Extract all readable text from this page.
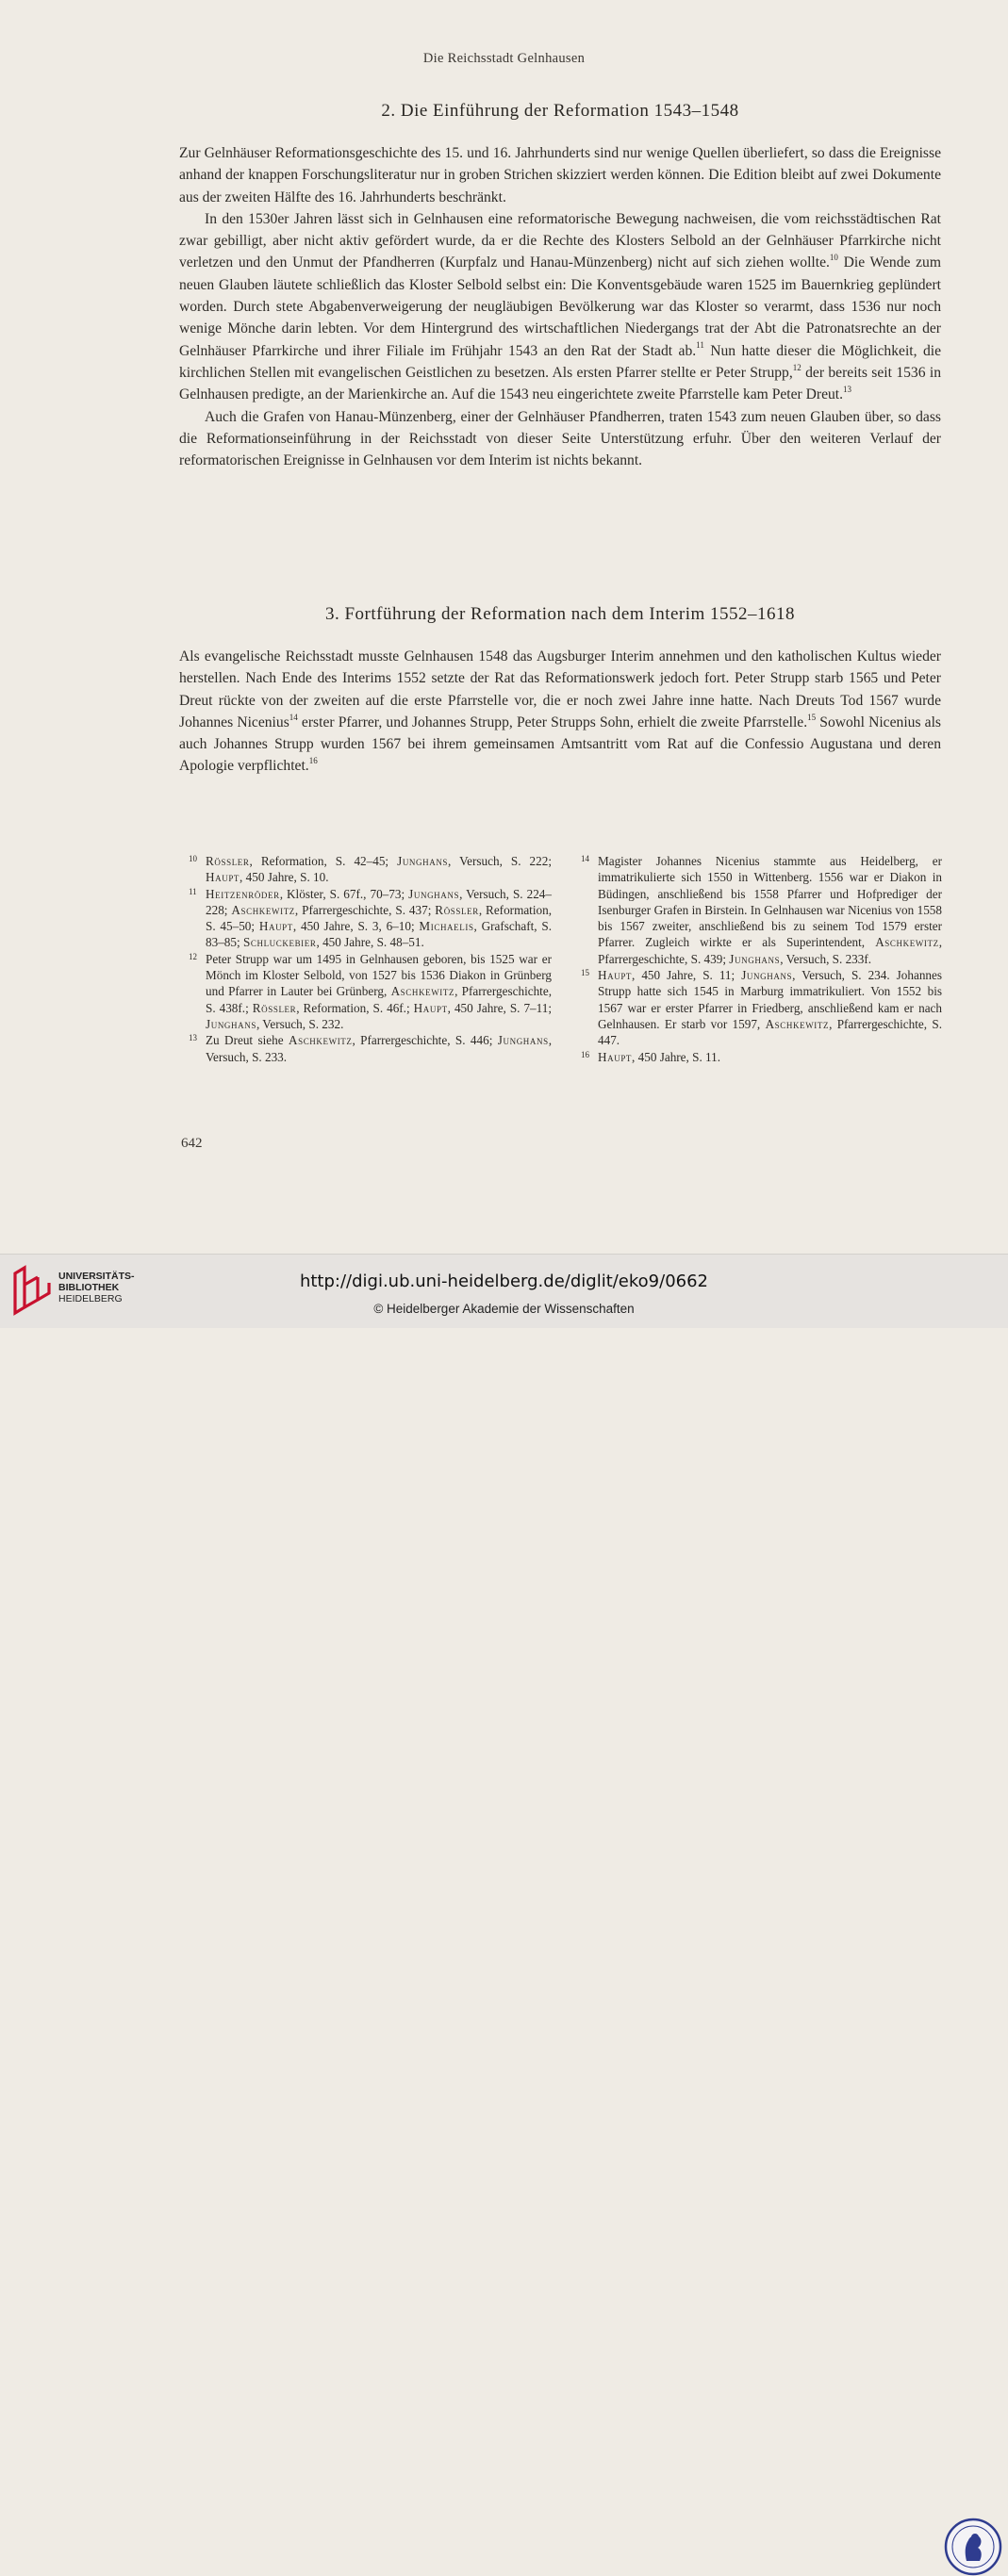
Die Reichsstadt Gelnhausen
2. Die Einführung der Reformation 1543–1548

Zur Gelnhäuser Reformationsgeschichte des 15. und 16. Jahrhunderts sind nur wenige Quellen überliefert, so dass die Ereignisse anhand der knappen Forschungsliteratur nur in groben Strichen skizziert werden können. Die Edition bleibt auf zwei Dokumente aus der zweiten Hälfte des 16. Jahrhunderts beschränkt.

In den 1530er Jahren lässt sich in Gelnhausen eine reformatorische Bewegung nachweisen, die vom reichsstädtischen Rat zwar gebilligt, aber nicht aktiv gefördert wurde, da er die Rechte des Klosters Selbold an der Gelnhäuser Pfarrkirche nicht verletzen und den Unmut der Pfandherren (Kurpfalz und Hanau-Münzenberg) nicht auf sich ziehen wollte.$^{10}$ Die Wende zum neuen Glauben läutete schließlich das Kloster Selbold selbst ein: Die Konventsgebäude waren 1525 im Bauernkrieg geplündert worden. Durch stete Abgabenverweigerung der neugläubigen Bevölkerung war das Kloster so verarmt, dass 1536 nur noch wenige Mönche darin lebten. Vor dem Hintergrund des wirtschaftlichen Niedergangs trat der Abt die Patronatsrechte an der Gelnhäuser Pfarrkirche und ihrer Filiale im Frühjahr 1543 an den Rat der Stadt ab.$^{11}$ Nun hatte dieser die Möglichkeit, die kirchlichen Stellen mit evangelischen Geistlichen zu besetzen. Als ersten Pfarrer stellte er Peter Strupp,$^{12}$ der bereits seit 1536 in Gelnhausen predigte, an der Marienkirche an. Auf die 1543 neu eingerichtete zweite Pfarrstelle kam Peter Dreut.$^{13}$

Auch die Grafen von Hanau-Münzenberg, einer der Gelnhäuser Pfandherren, traten 1543 zum neuen Glauben über, so dass die Reformationseinführung in der Reichsstadt von dieser Seite Unterstützung erfuhr. Über den weiteren Verlauf der reformatorischen Ereignisse in Gelnhausen vor dem Interim ist nichts bekannt.

3. Fortführung der Reformation nach dem Interim 1552–1618

Als evangelische Reichsstadt musste Gelnhausen 1548 das Augsburger Interim annehmen und den katholischen Kultus wieder herstellen. Nach Ende des Interims 1552 setzte der Rat das Reformationswerk jedoch fort. Peter Strupp starb 1565 und Peter Dreut rückte von der zweiten auf die erste Pfarrstelle vor, die er noch zwei Jahre inne hatte. Nach Dreuts Tod 1567 wurde Johannes Nicenius$^{14}$ erster Pfarrer, und Johannes Strupp, Peter Strupps Sohn, erhielt die zweite Pfarrstelle.$^{15}$ Sowohl Nicenius als auch Johannes Strupp wurden 1567 bei ihrem gemeinsamen Amtsantritt vom Rat auf die Confessio Augustana und deren Apologie verpflichtet.$^{16}$

10 Rössler, Reformation, S. 42–45; Junghans, Versuch, S. 222; Haupt, 450 Jahre, S. 10.
11 Heitzenröder, Klöster, S. 67f., 70–73; Junghans, Versuch, S. 224–228; Aschkewitz, Pfarrergeschichte, S. 437; Rössler, Reformation, S. 45–50; Haupt, 450 Jahre, S. 3, 6–10; Michaelis, Grafschaft, S. 83–85; Schluckebier, 450 Jahre, S. 48–51.
12 Peter Strupp war um 1495 in Gelnhausen geboren, bis 1525 war er Mönch im Kloster Selbold, von 1527 bis 1536 Diakon in Grünberg und Pfarrer in Lauter bei Grünberg, Aschkewitz, Pfarrergeschichte, S. 438f.; Rössler, Reformation, S. 46f.; Haupt, 450 Jahre, S. 7–11; Junghans, Versuch, S. 232.
13 Zu Dreut siehe Aschkewitz, Pfarrergeschichte, S. 446; Junghans, Versuch, S. 233.
14 Magister Johannes Nicenius stammte aus Heidelberg, er immatrikulierte sich 1550 in Wittenberg. 1556 war er Diakon in Büdingen, anschließend bis 1558 Pfarrer und Hofprediger der Isenburger Grafen in Birstein. In Gelnhausen war Nicenius von 1558 bis 1567 zweiter, anschließend bis zu seinem Tod 1579 erster Pfarrer. Zugleich wirkte er als Superintendent, Aschkewitz, Pfarrergeschichte, S. 439; Junghans, Versuch, S. 233f.
15 Haupt, 450 Jahre, S. 11; Junghans, Versuch, S. 234. Johannes Strupp hatte sich 1545 in Marburg immatrikuliert. Von 1552 bis 1567 war er erster Pfarrer in Friedberg, anschließend kam er nach Gelnhausen. Er starb vor 1597, Aschkewitz, Pfarrergeschichte, S. 447.
16 Haupt, 450 Jahre, S. 11.
642
UNIVERSITÄTS-
BIBLIOTHEK
HEIDELBERG
http://digi.ub.uni-heidelberg.de/diglit/eko9/0662
© Heidelberger Akademie der Wissenschaften
